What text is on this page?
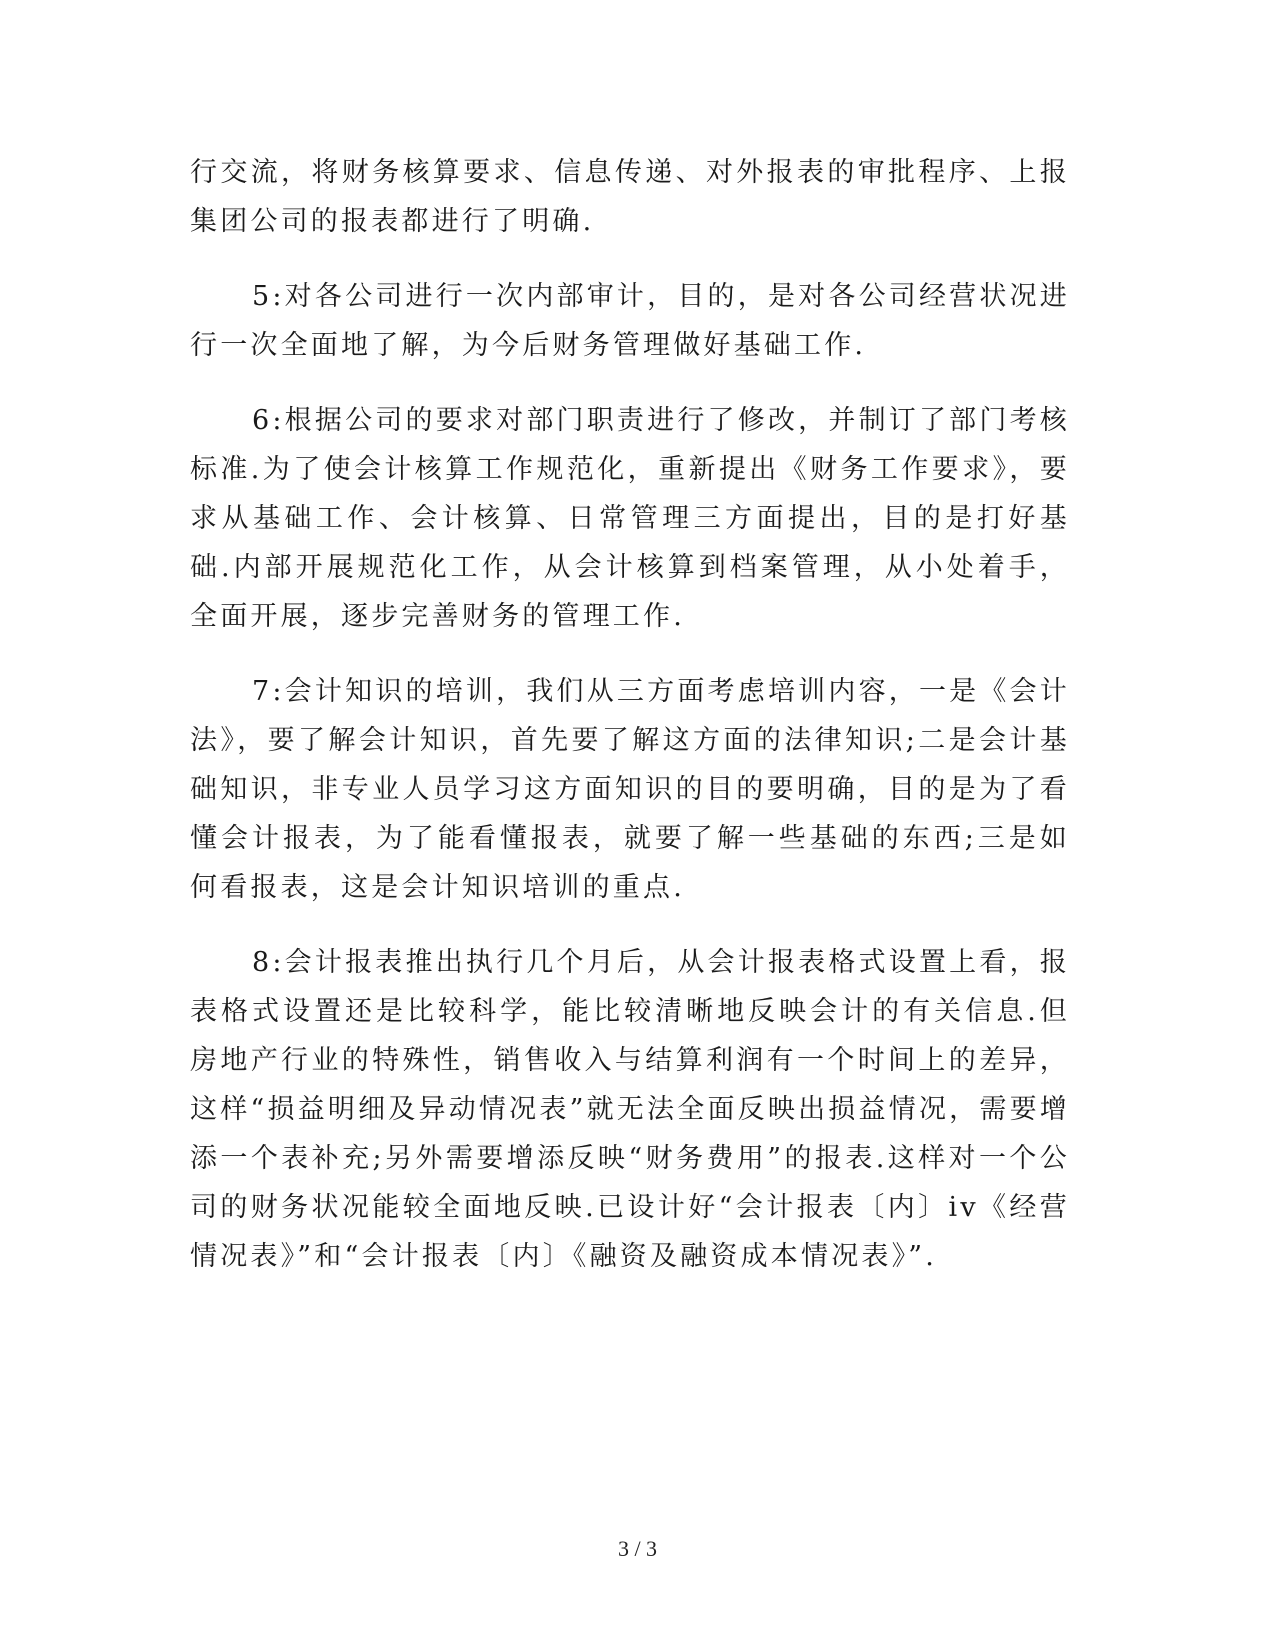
行交流，将财务核算要求、信息传递、对外报表的审批程序、上报集团公司的报表都进行了明确.

5:对各公司进行一次内部审计，目的，是对各公司经营状况进行一次全面地了解，为今后财务管理做好基础工作.

6:根据公司的要求对部门职责进行了修改，并制订了部门考核标准.为了使会计核算工作规范化，重新提出《财务工作要求》，要求从基础工作、会计核算、日常管理三方面提出，目的是打好基础.内部开展规范化工作，从会计核算到档案管理，从小处着手，全面开展，逐步完善财务的管理工作.

7:会计知识的培训，我们从三方面考虑培训内容，一是《会计法》，要了解会计知识，首先要了解这方面的法律知识;二是会计基础知识，非专业人员学习这方面知识的目的要明确，目的是为了看懂会计报表，为了能看懂报表，就要了解一些基础的东西;三是如何看报表，这是会计知识培训的重点.

8:会计报表推出执行几个月后，从会计报表格式设置上看，报表格式设置还是比较科学，能比较清晰地反映会计的有关信息.但房地产行业的特殊性，销售收入与结算利润有一个时间上的差异，这样“损益明细及异动情况表”就无法全面反映出损益情况，需要增添一个表补充;另外需要增添反映“财务费用”的报表.这样对一个公司的财务状况能较全面地反映.已设计好“会计报表〔内〕iv《经营情况表》”和“会计报表〔内〕《融资及融资成本情况表》”.

3 / 3
